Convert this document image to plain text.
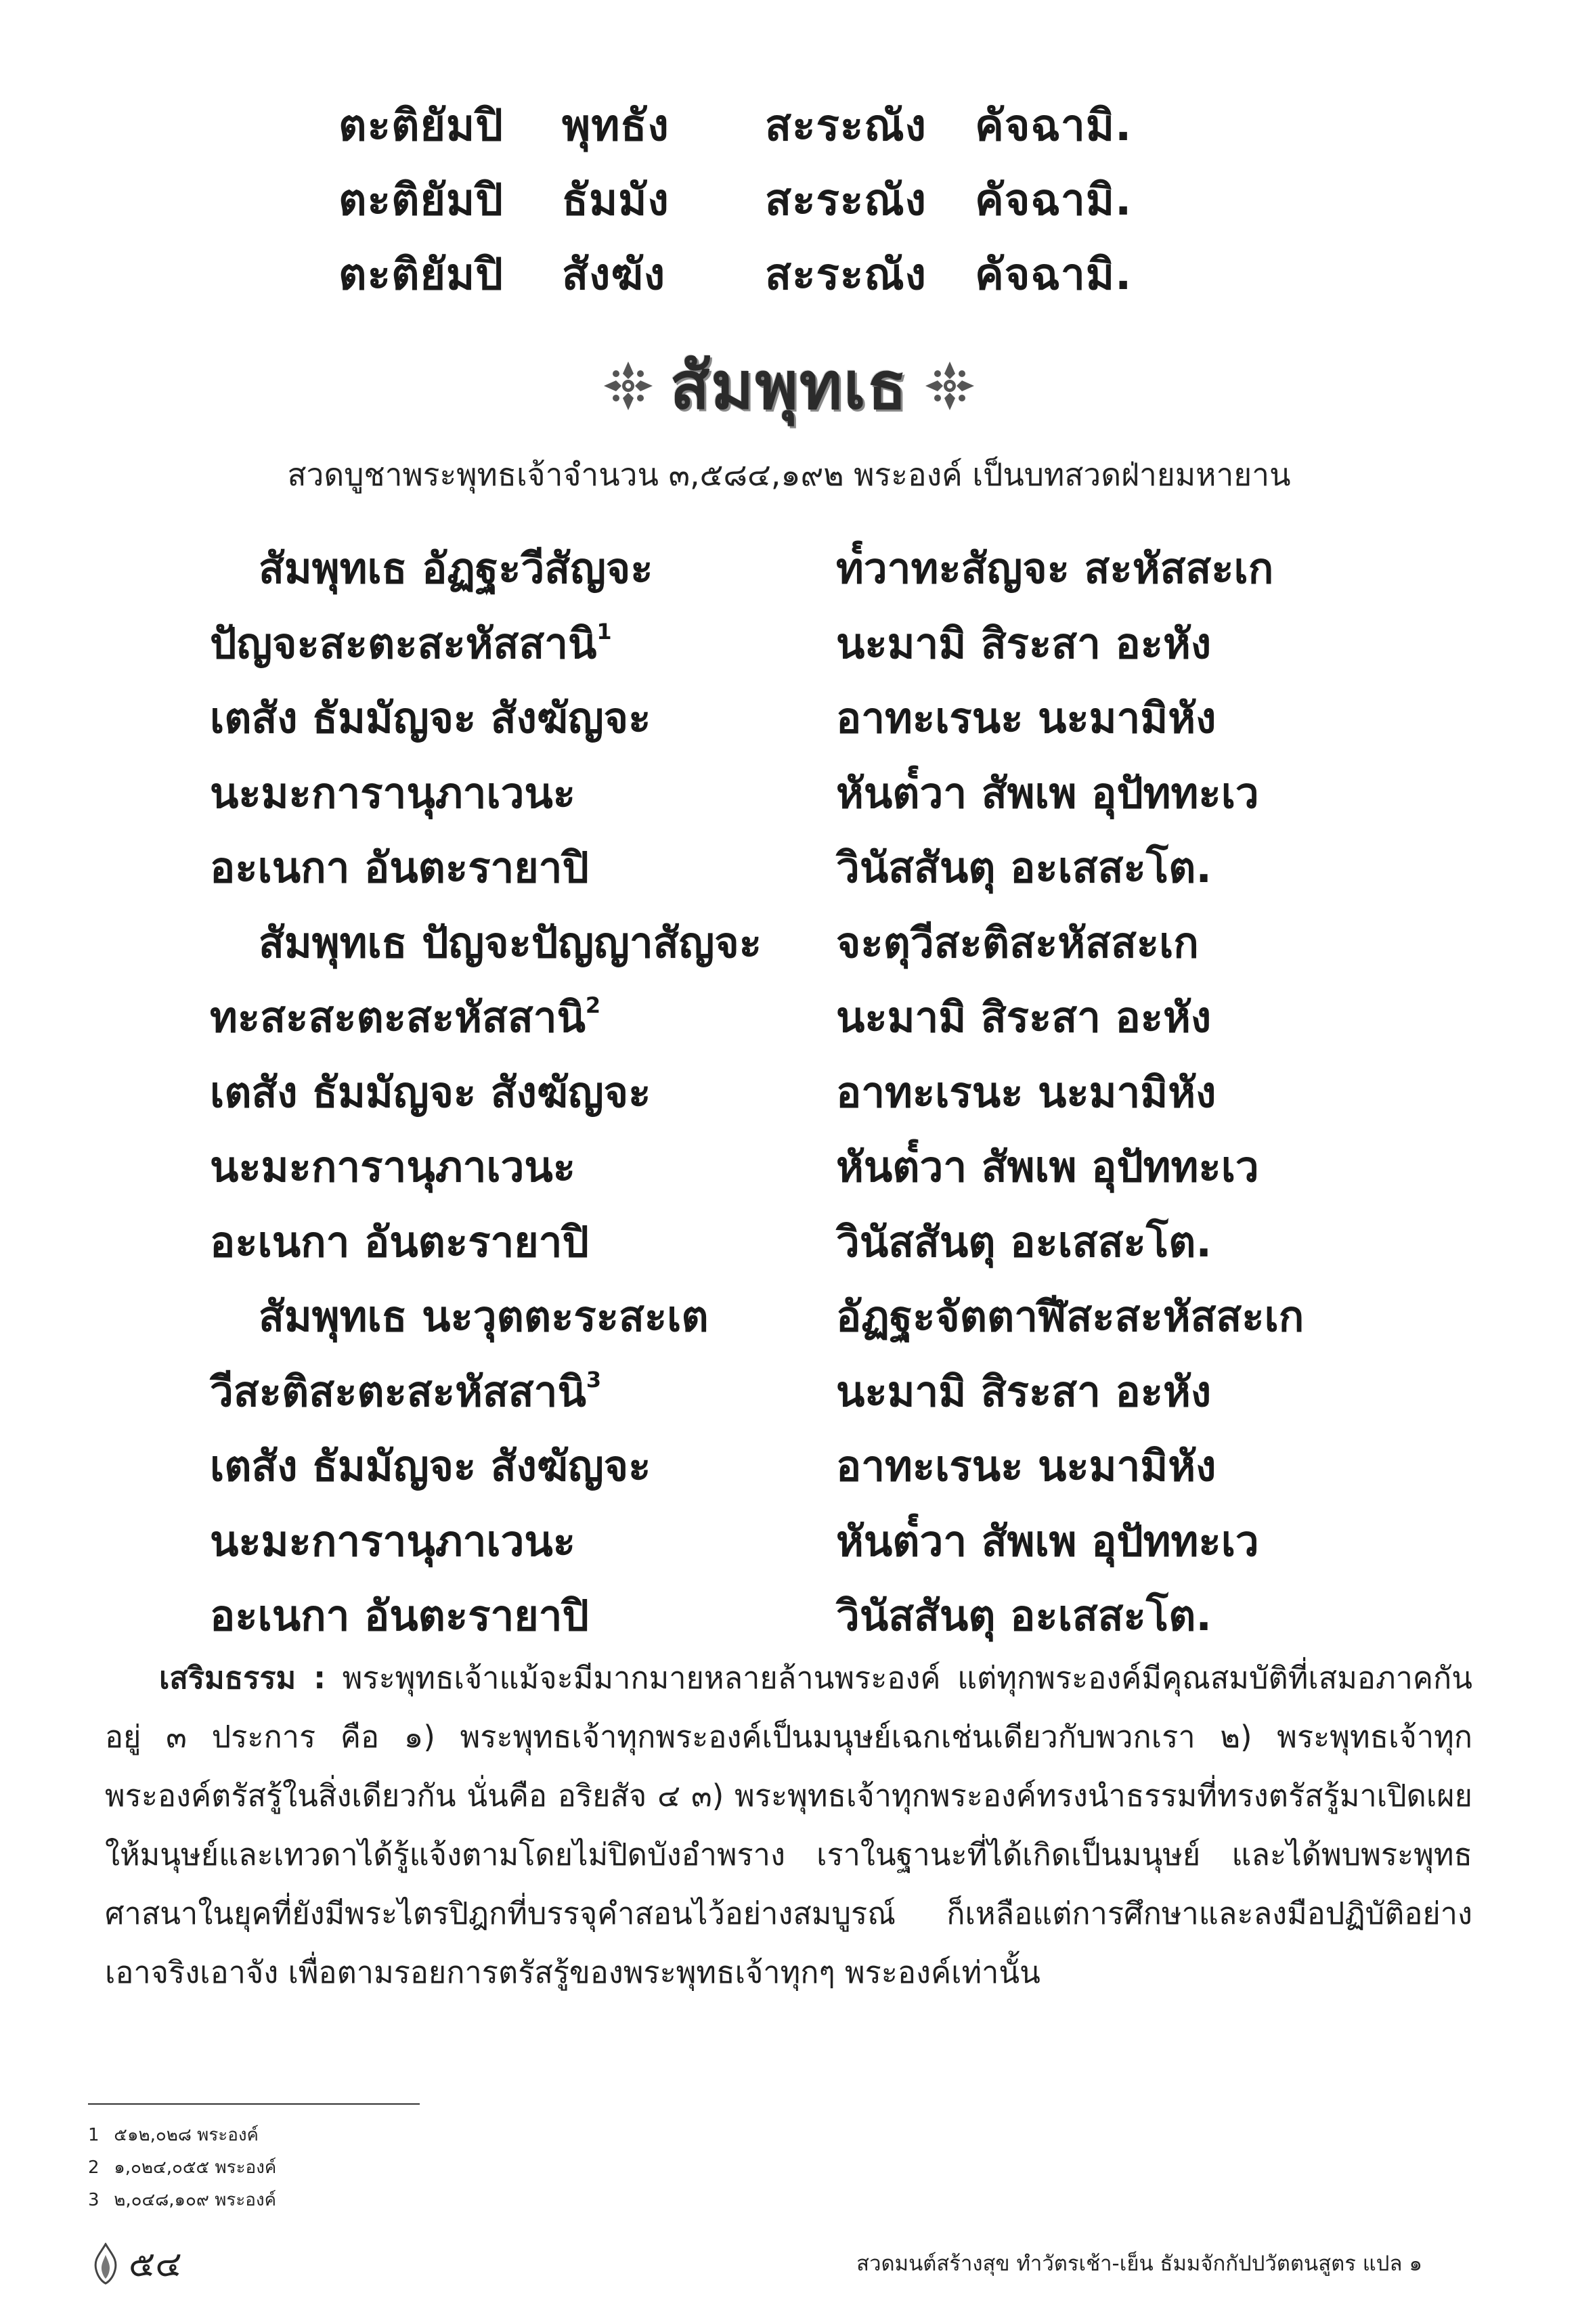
ตะติยัมปิ	พุทธัง	สะระณัง	คัจฉามิ.
ตะติยัมปิ	ธัมมัง	สะระณัง	คัจฉามิ.
ตะติยัมปิ	สังฆัง	สะระณัง	คัจฉามิ.
สัมพุทเธ
สวดบูชาพระพุทธเจ้าจำนวน ๓,๕๘๔,๑๙๒ พระองค์ เป็นบทสวดฝ่ายมหายาน
สัมพุทเธ อัฏฐะวีสัญจะ	ท๎วาทะสัญจะ สะหัสสะเก
ปัญจะสะตะสะหัสสานิ$^1$	นะมามิ สิระสา อะหัง
เตสัง ธัมมัญจะ สังฆัญจะ	อาทะเรนะ นะมามิหัง
นะมะการานุภาเวนะ	หันต๎วา สัพเพ อุปัททะเว
อะเนกา อันตะรายาปิ	วินัสสันตุ อะเสสะโต.
สัมพุทเธ ปัญจะปัญญาสัญจะ	จะตุวีสะติสะหัสสะเก
ทะสะสะตะสะหัสสานิ$^2$	นะมามิ สิระสา อะหัง
เตสัง ธัมมัญจะ สังฆัญจะ	อาทะเรนะ นะมามิหัง
นะมะการานุภาเวนะ	หันต๎วา สัพเพ อุปัททะเว
อะเนกา อันตะรายาปิ	วินัสสันตุ อะเสสะโต.
สัมพุทเธ นะวุตตะระสะเต	อัฏฐะจัตตาฬีสะสะหัสสะเก
วีสะติสะตะสะหัสสานิ$^3$	นะมามิ สิระสา อะหัง
เตสัง ธัมมัญจะ สังฆัญจะ	อาทะเรนะ นะมามิหัง
นะมะการานุภาเวนะ	หันต๎วา สัพเพ อุปัททะเว
อะเนกา อันตะรายาปิ	วินัสสันตุ อะเสสะโต.
เสริมธรรม : พระพุทธเจ้าแม้จะมีมากมายหลายล้านพระองค์ แต่ทุกพระองค์มีคุณสมบัติที่เสมอภาคกันอยู่ ๓ ประการ คือ ๑) พระพุทธเจ้าทุกพระองค์เป็นมนุษย์เฉกเช่นเดียวกับพวกเรา ๒) พระพุทธเจ้าทุกพระองค์ตรัสรู้ในสิ่งเดียวกัน นั่นคือ อริยสัจ ๔ ๓) พระพุทธเจ้าทุกพระองค์ทรงนำธรรมที่ทรงตรัสรู้มาเปิดเผยให้มนุษย์และเทวดาได้รู้แจ้งตามโดยไม่ปิดบังอำพราง เราในฐานะที่ได้เกิดเป็นมนุษย์ และได้พบพระพุทธศาสนาในยุคที่ยังมีพระไตรปิฎกที่บรรจุคำสอนไว้อย่างสมบูรณ์ ก็เหลือแต่การศึกษาและลงมือปฏิบัติอย่างเอาจริงเอาจัง เพื่อตามรอยการตรัสรู้ของพระพุทธเจ้าทุกๆ พระองค์เท่านั้น
1 ๕๑๒,๐๒๘ พระองค์
2 ๑,๐๒๔,๐๕๕ พระองค์
3 ๒,๐๔๘,๑๐๙ พระองค์
๕๔	สวดมนต์สร้างสุข ทำวัตรเช้า-เย็น ธัมมจักกัปปวัตตนสูตร แปล ๑
